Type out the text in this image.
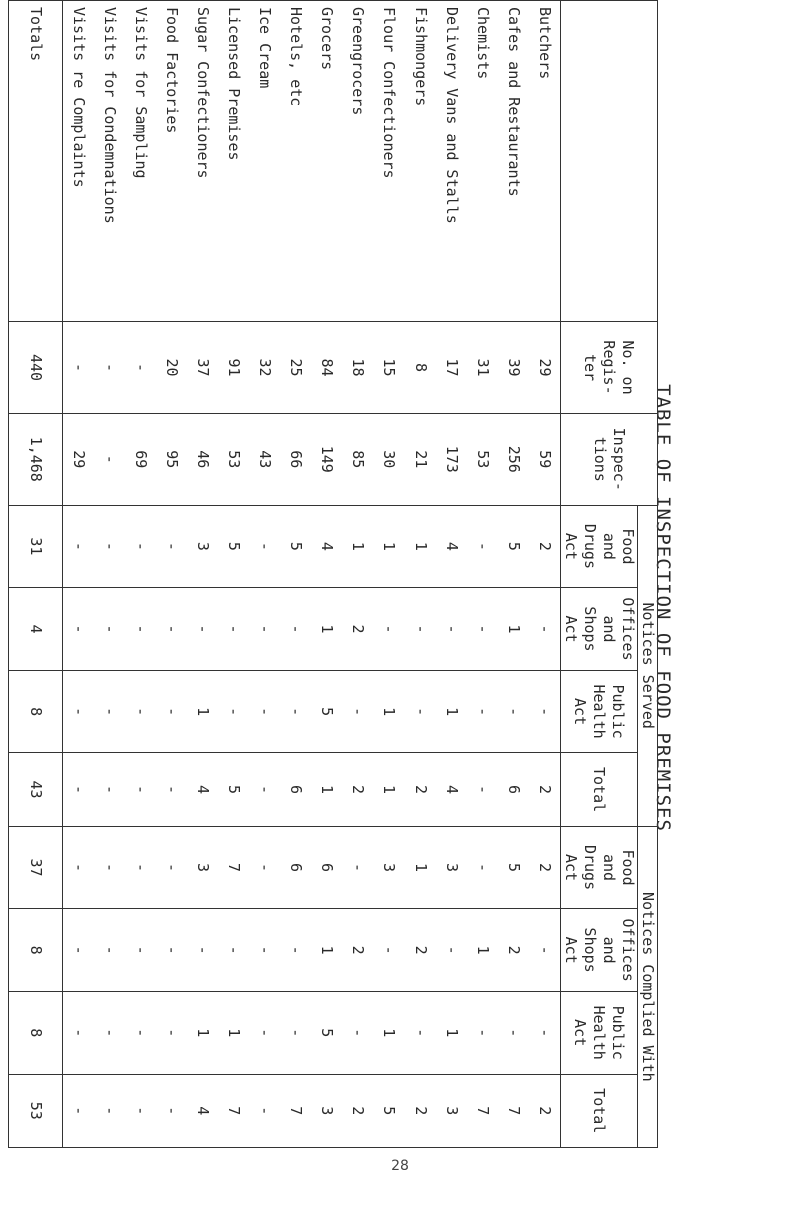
TABLE OF INSPECTION OF FOOD PREMISES
	No. on Regis- ter	Inspec- tions	Notices Served				Notices Complied With			
			Food and Drugs Act	Offices and Shops Act	Public Health Act	Total	Food and Drugs Act	Offices and Shops Act	Public Health Act	Total
Butchers	29	59	2	-	-	2	2	-	-	2
Cafes and Restaurants	39	256	5	1	-	6	5	2	-	7
Chemists	31	53	-	-	-	-	-	1	-	7
Delivery Vans and Stalls	17	173	4	-	1	4	3	-	1	3
Fishmongers	8	21	1	-	-	2	1	2	-	2
Flour Confectioners	15	30	1	-	1	1	3	-	1	5
Greengrocers	18	85	1	2	-	2	-	2	-	2
Grocers	84	149	4	1	5	1	6	1	5	3
Hotels, etc	25	66	5	-	-	6	6	-	-	7
Ice Cream	32	43	-	-	-	-	-	-	-	-
Licensed Premises	91	53	5	-	-	5	7	-	1	7
Sugar Confectioners	37	46	3	-	1	4	3	-	1	4
Food Factories	20	95	-	-	-	-	-	-	-	-
Visits for Sampling	-	69	-	-	-	-	-	-	-	-
Visits for Condemnations	-	-	-	-	-	-	-	-	-	-
Visits re Complaints	-	29	-	-	-	-	-	-	-	-
Totals	440	1,468	31	4	8	43	37	8	8	53
28
